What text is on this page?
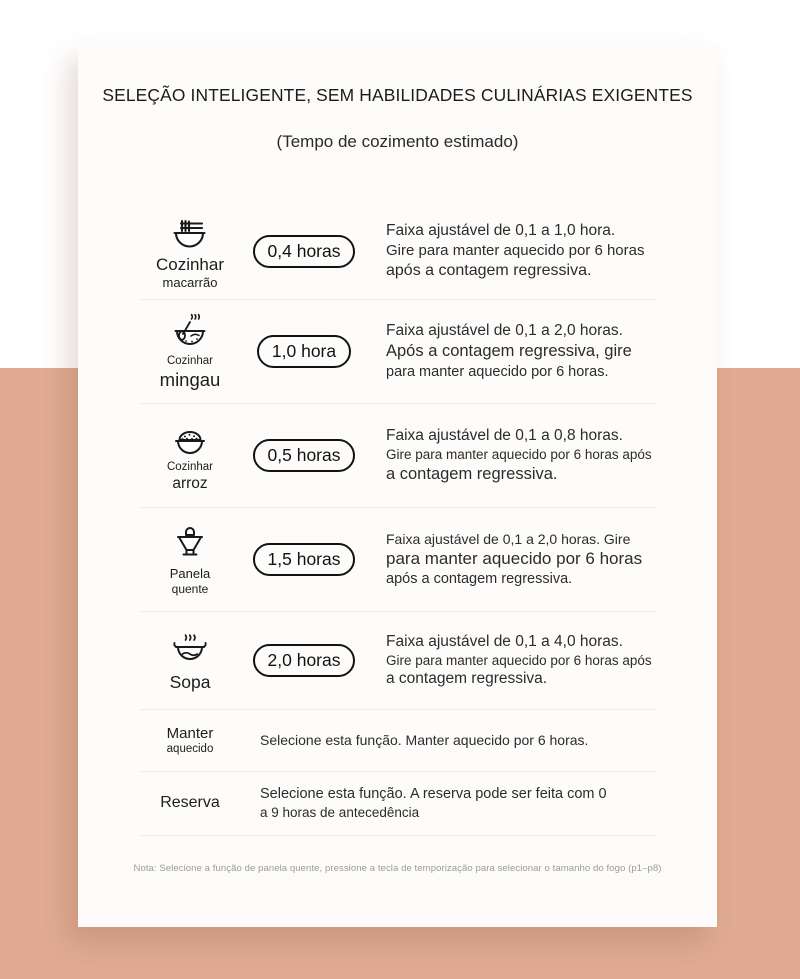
SELEÇÃO INTELIGENTE, SEM HABILIDADES CULINÁRIAS EXIGENTES
(Tempo de cozimento estimado)
Cozinhar
macarrão
0,4 horas
Faixa ajustável de 0,1 a 1,0 hora.
Gire para manter aquecido por 6 horas
após a contagem regressiva.
Cozinhar
mingau
1,0 hora
Faixa ajustável de 0,1 a 2,0 horas.
Após a contagem regressiva, gire
para manter aquecido por 6 horas.
Cozinhar
arroz
0,5 horas
Faixa ajustável de 0,1 a 0,8 horas.
Gire para manter aquecido por 6 horas após
a contagem regressiva.
Panela
quente
1,5 horas
Faixa ajustável de 0,1 a 2,0 horas. Gire
para manter aquecido por 6 horas
após a contagem regressiva.
Sopa
2,0 horas
Faixa ajustável de 0,1 a 4,0 horas.
Gire para manter aquecido por 6 horas após
a contagem regressiva.
Manter
aquecido
Selecione esta função. Manter aquecido por 6 horas.
Reserva
Selecione esta função. A reserva pode ser feita com 0
a 9 horas de antecedência
Nota: Selecione a função de panela quente, pressione a tecla de temporização para selecionar o tamanho do fogo (p1–p8)
